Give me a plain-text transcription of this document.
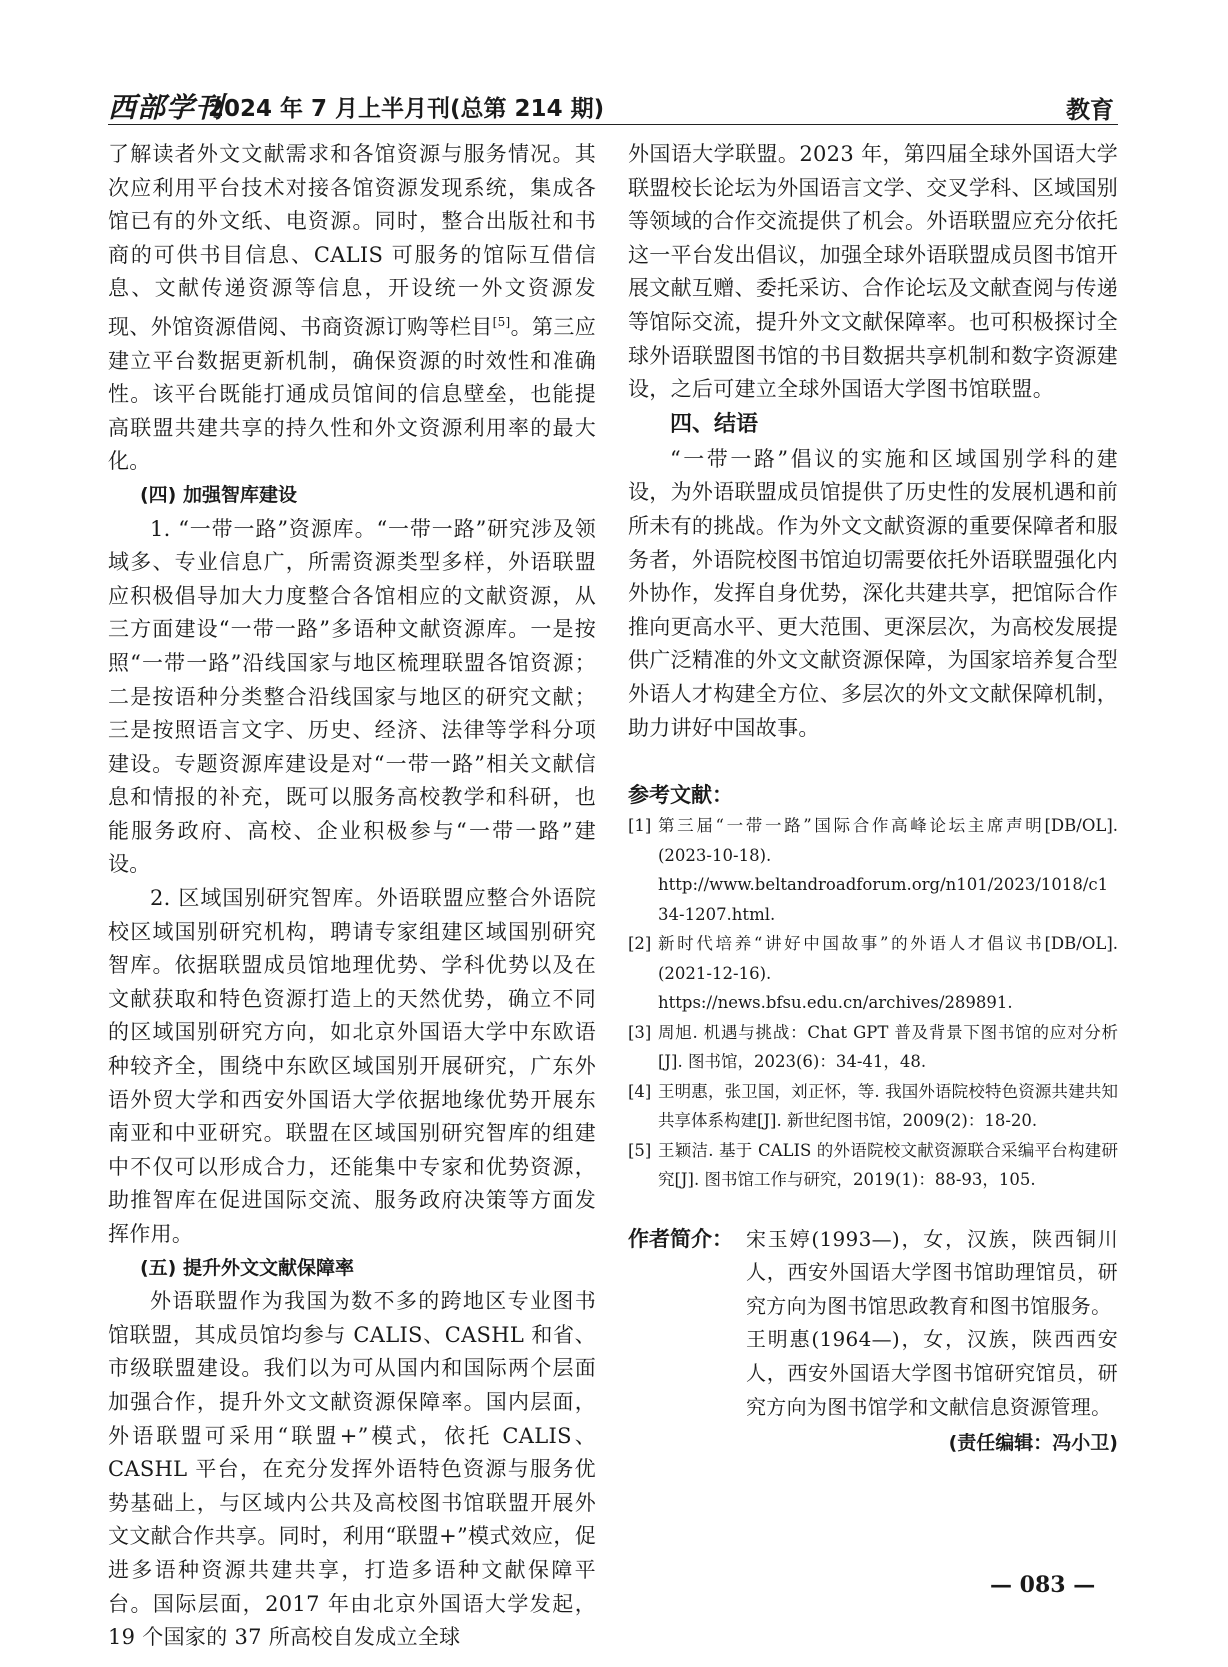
西部学刊
2024 年 7 月上半月刊(总第 214 期)	教育

了解读者外文文献需求和各馆资源与服务情况。其次应利用平台技术对接各馆资源发现系统，集成各馆已有的外文纸、电资源。同时，整合出版社和书商的可供书目信息、CALIS 可服务的馆际互借信息、文献传递资源等信息，开设统一外文资源发现、外馆资源借阅、书商资源订购等栏目[5]。第三应建立平台数据更新机制，确保资源的时效性和准确性。该平台既能打通成员馆间的信息壁垒，也能提高联盟共建共享的持久性和外文资源利用率的最大化。

(四) 加强智库建设

1. “一带一路”资源库。“一带一路”研究涉及领域多、专业信息广，所需资源类型多样，外语联盟应积极倡导加大力度整合各馆相应的文献资源，从三方面建设“一带一路”多语种文献资源库。一是按照“一带一路”沿线国家与地区梳理联盟各馆资源；二是按语种分类整合沿线国家与地区的研究文献；三是按照语言文字、历史、经济、法律等学科分项建设。专题资源库建设是对“一带一路”相关文献信息和情报的补充，既可以服务高校教学和科研，也能服务政府、高校、企业积极参与“一带一路”建设。

2. 区域国别研究智库。外语联盟应整合外语院校区域国别研究机构，聘请专家组建区域国别研究智库。依据联盟成员馆地理优势、学科优势以及在文献获取和特色资源打造上的天然优势，确立不同的区域国别研究方向，如北京外国语大学中东欧语种较齐全，围绕中东欧区域国别开展研究，广东外语外贸大学和西安外国语大学依据地缘优势开展东南亚和中亚研究。联盟在区域国别研究智库的组建中不仅可以形成合力，还能集中专家和优势资源，助推智库在促进国际交流、服务政府决策等方面发挥作用。

(五) 提升外文文献保障率

外语联盟作为我国为数不多的跨地区专业图书馆联盟，其成员馆均参与 CALIS、CASHL 和省、市级联盟建设。我们以为可从国内和国际两个层面加强合作，提升外文文献资源保障率。国内层面，外语联盟可采用“联盟+”模式，依托 CALIS、CASHL 平台，在充分发挥外语特色资源与服务优势基础上，与区域内公共及高校图书馆联盟开展外文文献合作共享。同时，利用“联盟+”模式效应，促进多语种资源共建共享，打造多语种文献保障平台。国际层面，2017 年由北京外国语大学发起，19 个国家的 37 所高校自发成立全球

外国语大学联盟。2023 年，第四届全球外国语大学联盟校长论坛为外国语言文学、交叉学科、区域国别等领域的合作交流提供了机会。外语联盟应充分依托这一平台发出倡议，加强全球外语联盟成员图书馆开展文献互赠、委托采访、合作论坛及文献查阅与传递等馆际交流，提升外文文献保障率。也可积极探讨全球外语联盟图书馆的书目数据共享机制和数字资源建设，之后可建立全球外国语大学图书馆联盟。

四、结语

“一带一路”倡议的实施和区域国别学科的建设，为外语联盟成员馆提供了历史性的发展机遇和前所未有的挑战。作为外文文献资源的重要保障者和服务者，外语院校图书馆迫切需要依托外语联盟强化内外协作，发挥自身优势，深化共建共享，把馆际合作推向更高水平、更大范围、更深层次，为高校发展提供广泛精准的外文文献资源保障，为国家培养复合型外语人才构建全方位、多层次的外文文献保障机制，助力讲好中国故事。

参考文献：
[1] 第三届“一带一路”国际合作高峰论坛主席声明[DB/OL]. (2023-10-18).
http://www.beltandroadforum.org/n101/2023/1018/c134-1207.html.
[2] 新时代培养“讲好中国故事”的外语人才倡议书[DB/OL]. (2021-12-16).
https://news.bfsu.edu.cn/archives/289891.
[3] 周旭. 机遇与挑战：Chat GPT 普及背景下图书馆的应对分析[J]. 图书馆，2023(6)：34-41，48.
[4] 王明惠，张卫国，刘正怀，等. 我国外语院校特色资源共建共知共享体系构建[J]. 新世纪图书馆，2009(2)：18-20.
[5] 王颖洁. 基于 CALIS 的外语院校文献资源联合采编平台构建研究[J]. 图书馆工作与研究，2019(1)：88-93，105.
作者简介： 宋玉婷(1993—)，女，汉族，陕西铜川人，西安外国语大学图书馆助理馆员，研究方向为图书馆思政教育和图书馆服务。

王明惠(1964—)，女，汉族，陕西西安人，西安外国语大学图书馆研究馆员，研究方向为图书馆学和文献信息资源管理。

(责任编辑：冯小卫)
— 083 —
